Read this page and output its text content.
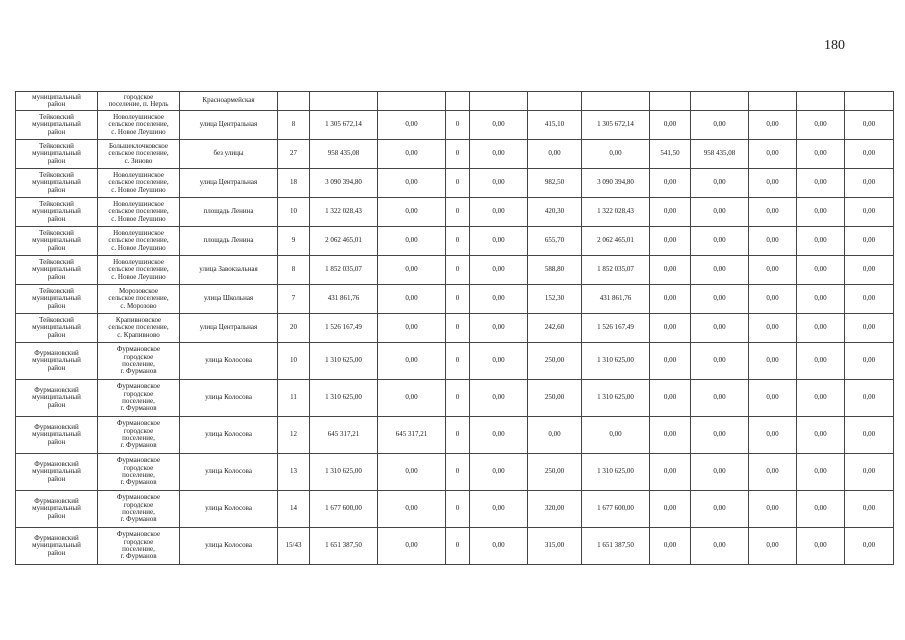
180
муниципальный
район	городское
поселение, п. Нерль	Красноармейская												
Тейковский
муниципальный
район	Новолеушинское
сельское поселение,
с. Новое Леушино	улица Центральная	8	1 305 672,14	0,00	0	0,00	415,10	1 305 672,14	0,00	0,00	0,00	0,00	0,00
Тейковский
муниципальный
район	Большеклочковское
сельское поселение,
с. Зиново	без улицы	27	958 435,08	0,00	0	0,00	0,00	0,00	541,50	958 435,08	0,00	0,00	0,00
Тейковский
муниципальный
район	Новолеушинское
сельское поселение,
с. Новое Леушино	улица Центральная	18	3 090 394,80	0,00	0	0,00	982,50	3 090 394,80	0,00	0,00	0,00	0,00	0,00
Тейковский
муниципальный
район	Новолеушинское
сельское поселение,
с. Новое Леушино	площадь Ленина	10	1 322 028,43	0,00	0	0,00	420,30	1 322 028,43	0,00	0,00	0,00	0,00	0,00
Тейковский
муниципальный
район	Новолеушинское
сельское поселение,
с. Новое Леушино	площадь Ленина	9	2 062 465,01	0,00	0	0,00	655,70	2 062 465,01	0,00	0,00	0,00	0,00	0,00
Тейковский
муниципальный
район	Новолеушинское
сельское поселение,
с. Новое Леушино	улица Завокзальная	8	1 852 035,07	0,00	0	0,00	588,80	1 852 035,07	0,00	0,00	0,00	0,00	0,00
Тейковский
муниципальный
район	Морозовское
сельское поселение,
с. Морозово	улица Школьная	7	431 861,76	0,00	0	0,00	152,30	431 861,76	0,00	0,00	0,00	0,00	0,00
Тейковский
муниципальный
район	Крапивновское
сельское поселение,
с. Крапивново	улица Центральная	20	1 526 167,49	0,00	0	0,00	242,60	1 526 167,49	0,00	0,00	0,00	0,00	0,00
Фурмановский
муниципальный
район	Фурмановское
городское
поселение,
г. Фурманов	улица Колосова	10	1 310 625,00	0,00	0	0,00	250,00	1 310 625,00	0,00	0,00	0,00	0,00	0,00
Фурмановский
муниципальный
район	Фурмановское
городское
поселение,
г. Фурманов	улица Колосова	11	1 310 625,00	0,00	0	0,00	250,00	1 310 625,00	0,00	0,00	0,00	0,00	0,00
Фурмановский
муниципальный
район	Фурмановское
городское
поселение,
г. Фурманов	улица Колосова	12	645 317,21	645 317,21	0	0,00	0,00	0,00	0,00	0,00	0,00	0,00	0,00
Фурмановский
муниципальный
район	Фурмановское
городское
поселение,
г. Фурманов	улица Колосова	13	1 310 625,00	0,00	0	0,00	250,00	1 310 625,00	0,00	0,00	0,00	0,00	0,00
Фурмановский
муниципальный
район	Фурмановское
городское
поселение,
г. Фурманов	улица Колосова	14	1 677 600,00	0,00	0	0,00	320,00	1 677 600,00	0,00	0,00	0,00	0,00	0,00
Фурмановский
муниципальный
район	Фурмановское
городское
поселение,
г. Фурманов	улица Колосова	15/43	1 651 387,50	0,00	0	0,00	315,00	1 651 387,50	0,00	0,00	0,00	0,00	0,00
